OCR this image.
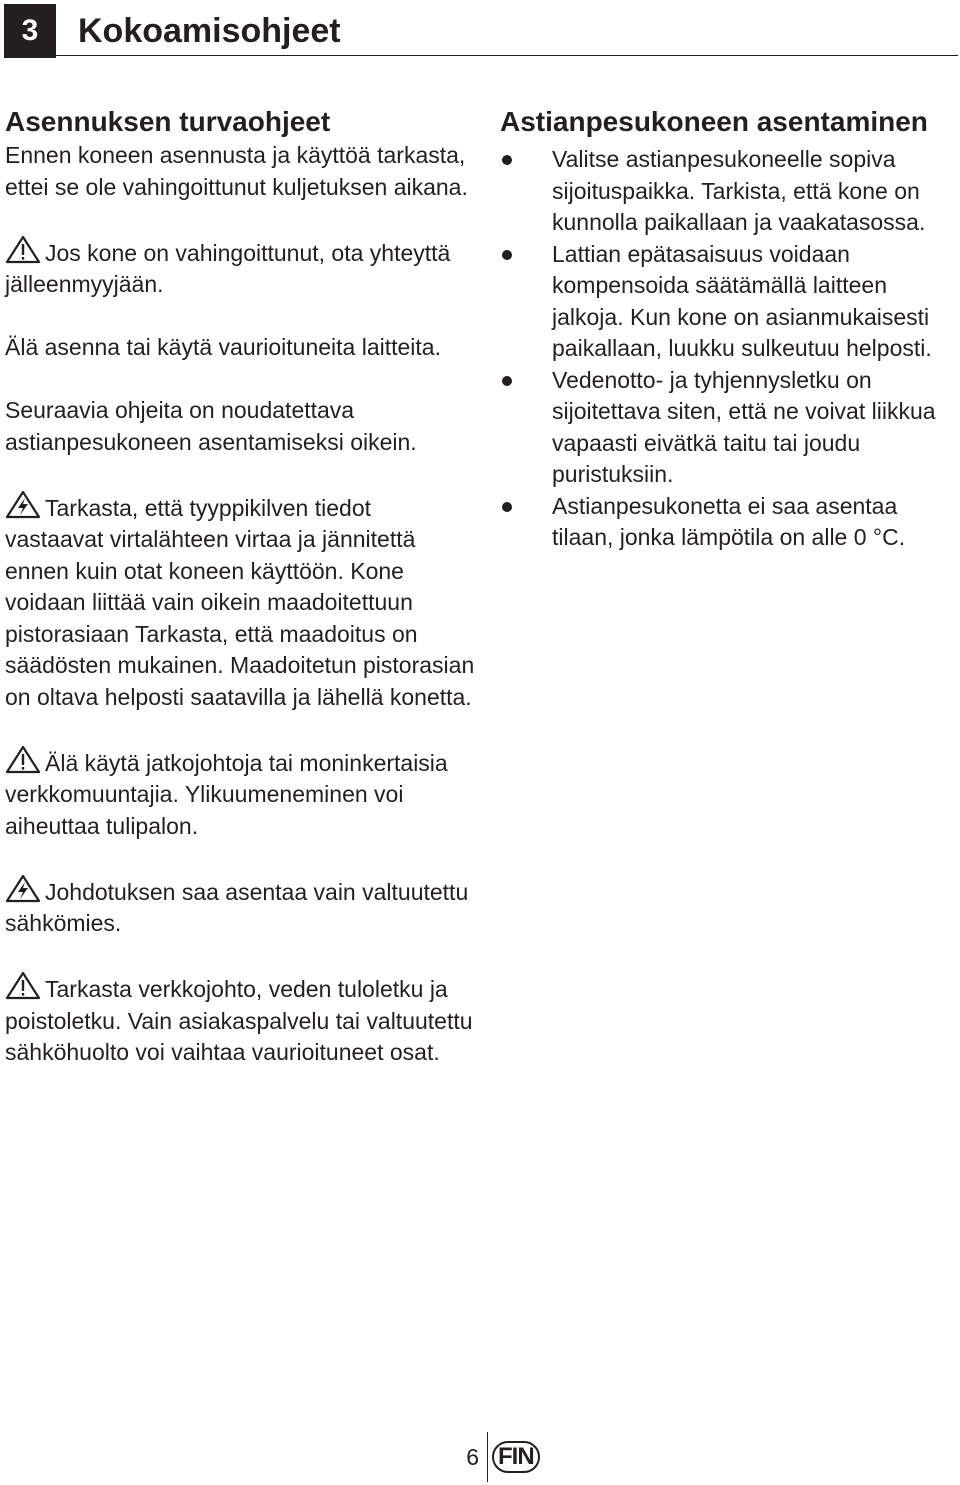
3 Kokoamisohjeet
Asennuksen turvaohjeet

Ennen koneen asennusta ja käyttöä tarkasta, ettei se ole vahingoittunut kuljetuksen aikana.

Jos kone on vahingoittunut, ota yhteyttä jälleenmyyjään.

Älä asenna tai käytä vaurioituneita laitteita.

Seuraavia ohjeita on noudatettava astianpesukoneen asentamiseksi oikein.

Tarkasta, että tyyppikilven tiedot vastaavat virtalähteen virtaa ja jännitettä ennen kuin otat koneen käyttöön. Kone voidaan liittää vain oikein maadoitettuun pistorasiaan Tarkasta, että maadoitus on säädösten mukainen. Maadoitetun pistorasian on oltava helposti saatavilla ja lähellä konetta.

Älä käytä jatkojohtoja tai moninkertaisia verkkomuuntajia. Ylikuumeneminen voi aiheuttaa tulipalon.

Johdotuksen saa asentaa vain valtuutettu sähkömies.

Tarkasta verkkojohto, veden tuloletku ja poistoletku. Vain asiakaspalvelu tai valtuutettu sähköhuolto voi vaihtaa vaurioituneet osat.

Astianpesukoneen asentaminen
Valitse astianpesukoneelle sopiva sijoituspaikka. Tarkista, että kone on kunnolla paikallaan ja vaakatasossa.
Lattian epätasaisuus voidaan kompensoida säätämällä laitteen jalkoja. Kun kone on asianmukaisesti paikallaan, luukku sulkeutuu helposti.
Vedenotto- ja tyhjennysletku on sijoitettava siten, että ne voivat liikkua vapaasti eivätkä taitu tai joudu puristuksiin.
Astianpesukonetta ei saa asentaa tilaan, jonka lämpötila on alle 0 °C.
6 FIN
